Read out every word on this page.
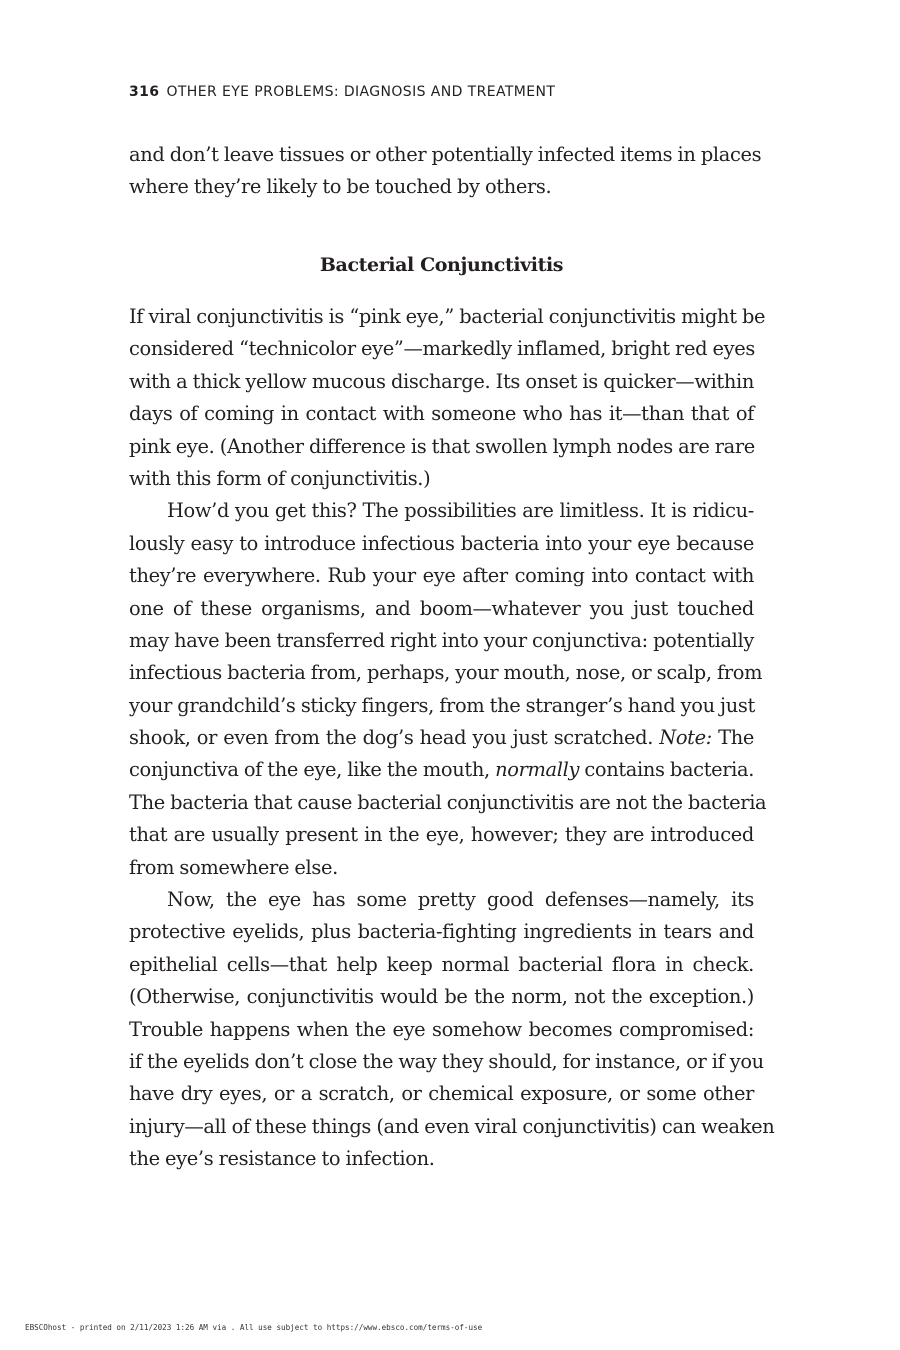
316 OTHER EYE PROBLEMS: DIAGNOSIS AND TREATMENT
and don’t leave tissues or other potentially infected items in places
where they’re likely to be touched by others.
Bacterial Conjunctivitis
If viral conjunctivitis is “pink eye,” bacterial conjunctivitis might be
considered “technicolor eye”—markedly inflamed, bright red eyes
with a thick yellow mucous discharge. Its onset is quicker—within
days of coming in contact with someone who has it—than that of
pink eye. (Another difference is that swollen lymph nodes are rare
with this form of conjunctivitis.)
How’d you get this? The possibilities are limitless. It is ridicu-
lously easy to introduce infectious bacteria into your eye because
they’re everywhere. Rub your eye after coming into contact with
one of these organisms, and boom—whatever you just touched
may have been transferred right into your conjunctiva: potentially
infectious bacteria from, perhaps, your mouth, nose, or scalp, from
your grandchild’s sticky fingers, from the stranger’s hand you just
shook, or even from the dog’s head you just scratched. Note: The
conjunctiva of the eye, like the mouth, normally contains bacteria.
The bacteria that cause bacterial conjunctivitis are not the bacteria
that are usually present in the eye, however; they are introduced
from somewhere else.
Now, the eye has some pretty good defenses—namely, its
protective eyelids, plus bacteria-fighting ingredients in tears and
epithelial cells—that help keep normal bacterial flora in check.
(Otherwise, conjunctivitis would be the norm, not the exception.)
Trouble happens when the eye somehow becomes compromised:
if the eyelids don’t close the way they should, for instance, or if you
have dry eyes, or a scratch, or chemical exposure, or some other
injury—all of these things (and even viral conjunctivitis) can weaken
the eye’s resistance to infection.
EBSCOhost - printed on 2/11/2023 1:26 AM via . All use subject to https://www.ebsco.com/terms-of-use
